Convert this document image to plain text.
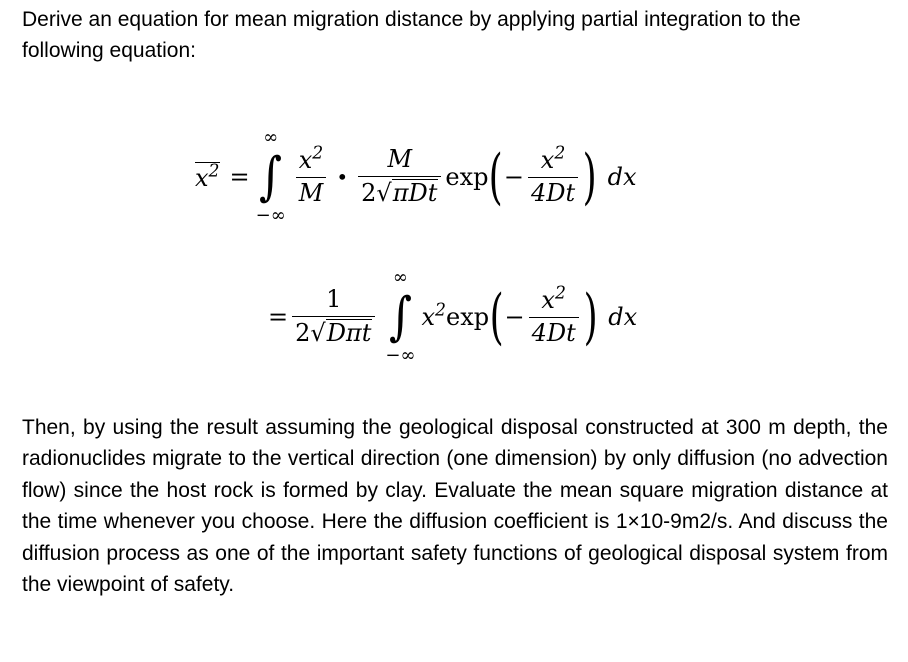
Derive an equation for mean migration distance by applying partial integration to the following equation:

$x^2$ =
∞
∫
−∞
$\frac{x^2}{M}$ • $\frac{M}{\text{2 √ πDt}}$ exp ( − $\frac{x^2}{4Dt}$ ) dx
= $\frac{1}{\text{2 √ Dπt}}$
∞
∫
−∞
$x^2$ exp ( − $\frac{x^2}{4Dt}$ ) dx

Then, by using the result assuming the geological disposal constructed at 300 m depth, the radionuclides migrate to the vertical direction (one dimension) by only diffusion (no advection flow) since the host rock is formed by clay. Evaluate the mean square migration distance at the time whenever you choose. Here the diffusion coefficient is 1×10-9m2/s. And discuss the diffusion process as one of the important safety functions of geological disposal system from the viewpoint of safety.
